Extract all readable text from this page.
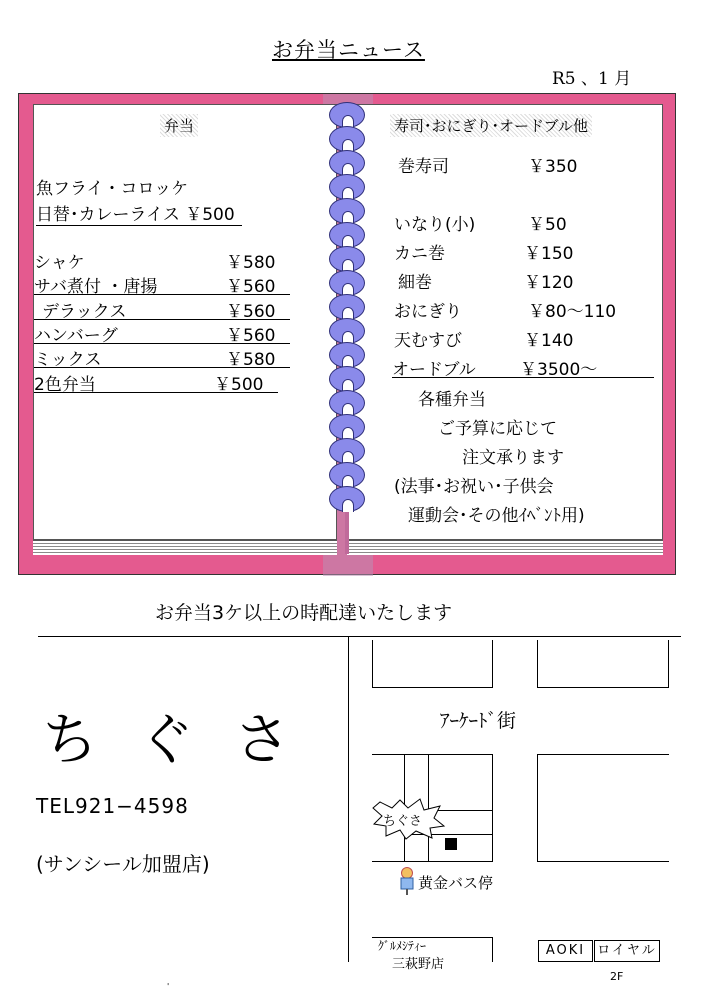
お弁当ニュース
R5 、1 月
弁当
魚フライ・コロッケ
日替･カレーライス ￥500
シャケ	￥580
サバ煮付 ・唐揚	￥560
デラックス	￥560
ハンバーグ	￥560
ミックス	￥580
2色弁当	￥500
寿司･おにぎり･オードブル他
巻寿司	￥350
いなり(小)	￥50
カニ巻	￥150
細巻	￥120
おにぎり	￥80〜110
天むすび	￥140
オードブル	￥3500〜
各種弁当
ご予算に応じて
注文承ります
(法事･お祝い･子供会
運動会･その他ｲﾍﾞﾝﾄ用)
お弁当3ケ以上の時配達いたします
ちぐさ
TEL921−4598
(サンシール加盟店)
ｱｰｹｰﾄﾞ街
ちぐさ
黄金バス停
ｸﾞﾙﾒｼﾃｨｰ
三萩野店
AOKI ロイヤル
2F
'
